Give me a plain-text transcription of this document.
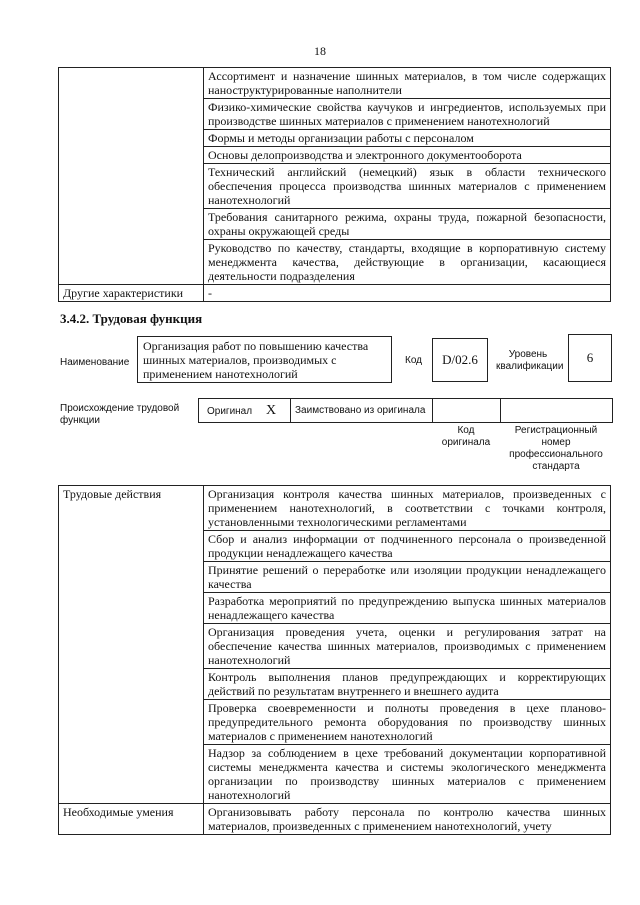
18
	Ассортимент и назначение шинных материалов, в том числе содержащих наноструктурированные наполнители
	Физико-химические свойства каучуков и ингредиентов, используемых при производстве шинных материалов с применением нанотехнологий
	Формы и методы организации работы с персоналом
	Основы делопроизводства и электронного документооборота
	Технический английский (немецкий) язык в области технического обеспечения процесса производства шинных материалов с применением нанотехнологий
	Требования санитарного режима, охраны труда, пожарной безопасности, охраны окружающей среды
	Руководство по качеству, стандарты, входящие в корпоративную систему менеджмента качества, действующие в организации, касающиеся деятельности подразделения
Другие характеристики	-
3.4.2. Трудовая функция
Наименование
Организация работ по повышению качества шинных материалов, производимых с применением нанотехнологий
Код D/02.6	Уровень квалификации
6
Происхождение трудовой функции
Оригинал X Заимствовано из оригинала
Код оригинала
Регистрационный номер профессионального стандарта
Трудовые действия	Организация контроля качества шинных материалов, произведенных с применением нанотехнологий, в соответствии с точками контроля, установленными технологическими регламентами
	Сбор и анализ информации от подчиненного персонала о произведенной продукции ненадлежащего качества
	Принятие решений о переработке или изоляции продукции ненадлежащего качества
	Разработка мероприятий по предупреждению выпуска шинных материалов ненадлежащего качества
	Организация проведения учета, оценки и регулирования затрат на обеспечение качества шинных материалов, производимых с применением нанотехнологий
	Контроль выполнения планов предупреждающих и корректирующих действий по результатам внутреннего и внешнего аудита
	Проверка своевременности и полноты проведения в цехе планово-предупредительного ремонта оборудования по производству шинных материалов с применением нанотехнологий
	Надзор за соблюдением в цехе требований документации корпоративной системы менеджмента качества и системы экологического менеджмента организации по производству шинных материалов с применением нанотехнологий
Необходимые умения	Организовывать работу персонала по контролю качества шинных материалов, произведенных с применением нанотехнологий, учету
